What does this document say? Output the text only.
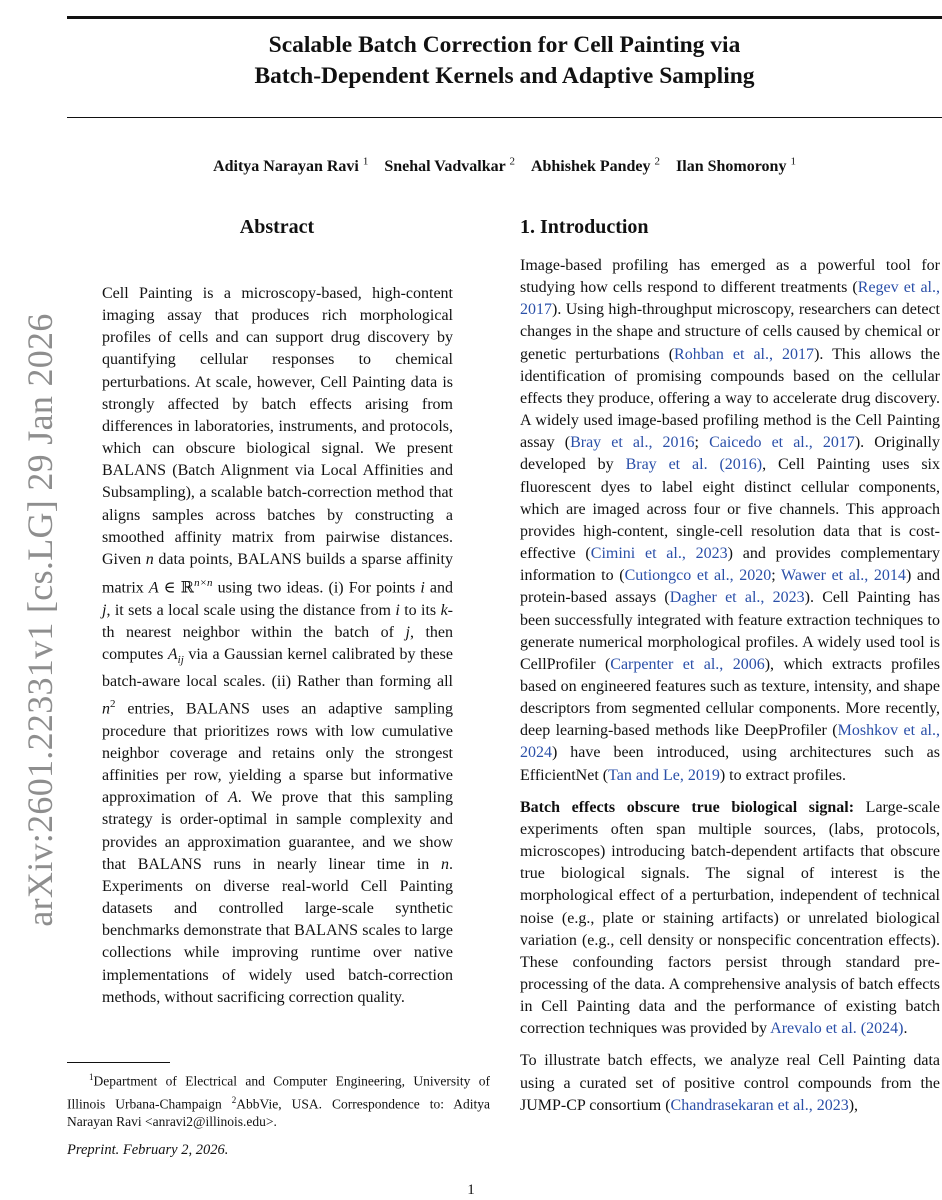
arXiv:2601.22331v1 [cs.LG] 29 Jan 2026
Scalable Batch Correction for Cell Painting via
Batch-Dependent Kernels and Adaptive Sampling
Aditya Narayan Ravi $^1$ Snehal Vadvalkar $^2$ Abhishek Pandey $^2$ Ilan Shomorony $^1$
Abstract
Cell Painting is a microscopy-based, high-content imaging assay that produces rich morphological profiles of cells and can support drug discovery by quantifying cellular responses to chemical perturbations. At scale, however, Cell Painting data is strongly affected by batch effects arising from differences in laboratories, instruments, and protocols, which can obscure biological signal. We present BALANS (Batch Alignment via Local Affinities and Subsampling), a scalable batch-correction method that aligns samples across batches by constructing a smoothed affinity matrix from pairwise distances. Given n data points, BALANS builds a sparse affinity matrix A ∈ ℝ$^{n\times n}$ using two ideas. (i) For points i and j, it sets a local scale using the distance from i to its k-th nearest neighbor within the batch of j, then computes $A_{ij}$ via a Gaussian kernel calibrated by these batch-aware local scales. (ii) Rather than forming all $n^2$ entries, BALANS uses an adaptive sampling procedure that prioritizes rows with low cumulative neighbor coverage and retains only the strongest affinities per row, yielding a sparse but informative approximation of A. We prove that this sampling strategy is order-optimal in sample complexity and provides an approximation guarantee, and we show that BALANS runs in nearly linear time in n. Experiments on diverse real-world Cell Painting datasets and controlled large-scale synthetic benchmarks demonstrate that BALANS scales to large collections while improving runtime over native implementations of widely used batch-correction methods, without sacrificing correction quality.
1. Introduction

Image-based profiling has emerged as a powerful tool for studying how cells respond to different treatments (Regev et al., 2017). Using high-throughput microscopy, researchers can detect changes in the shape and structure of cells caused by chemical or genetic perturbations (Rohban et al., 2017). This allows the identification of promising compounds based on the cellular effects they produce, offering a way to accelerate drug discovery. A widely used image-based profiling method is the Cell Painting assay (Bray et al., 2016; Caicedo et al., 2017). Originally developed by Bray et al. (2016), Cell Painting uses six fluorescent dyes to label eight distinct cellular components, which are imaged across four or five channels. This approach provides high-content, single-cell resolution data that is cost-effective (Cimini et al., 2023) and provides complementary information to (Cutiongco et al., 2020; Wawer et al., 2014) and protein-based assays (Dagher et al., 2023). Cell Painting has been successfully integrated with feature extraction techniques to generate numerical morphological profiles. A widely used tool is CellProfiler (Carpenter et al., 2006), which extracts profiles based on engineered features such as texture, intensity, and shape descriptors from segmented cellular components. More recently, deep learning-based methods like DeepProfiler (Moshkov et al., 2024) have been introduced, using architectures such as EfficientNet (Tan and Le, 2019) to extract profiles.

Batch effects obscure true biological signal: Large-scale experiments often span multiple sources, (labs, protocols, microscopes) introducing batch-dependent artifacts that obscure true biological signals. The signal of interest is the morphological effect of a perturbation, independent of technical noise (e.g., plate or staining artifacts) or unrelated biological variation (e.g., cell density or nonspecific concentration effects). These confounding factors persist through standard pre-processing of the data. A comprehensive analysis of batch effects in Cell Painting data and the performance of existing batch correction techniques was provided by Arevalo et al. (2024).

To illustrate batch effects, we analyze real Cell Painting data using a curated set of positive control compounds from the JUMP-CP consortium (Chandrasekaran et al., 2023),

$^1$Department of Electrical and Computer Engineering, University of Illinois Urbana-Champaign $^2$AbbVie, USA. Correspondence to: Aditya Narayan Ravi <anravi2@illinois.edu>.
Preprint. February 2, 2026.
1
